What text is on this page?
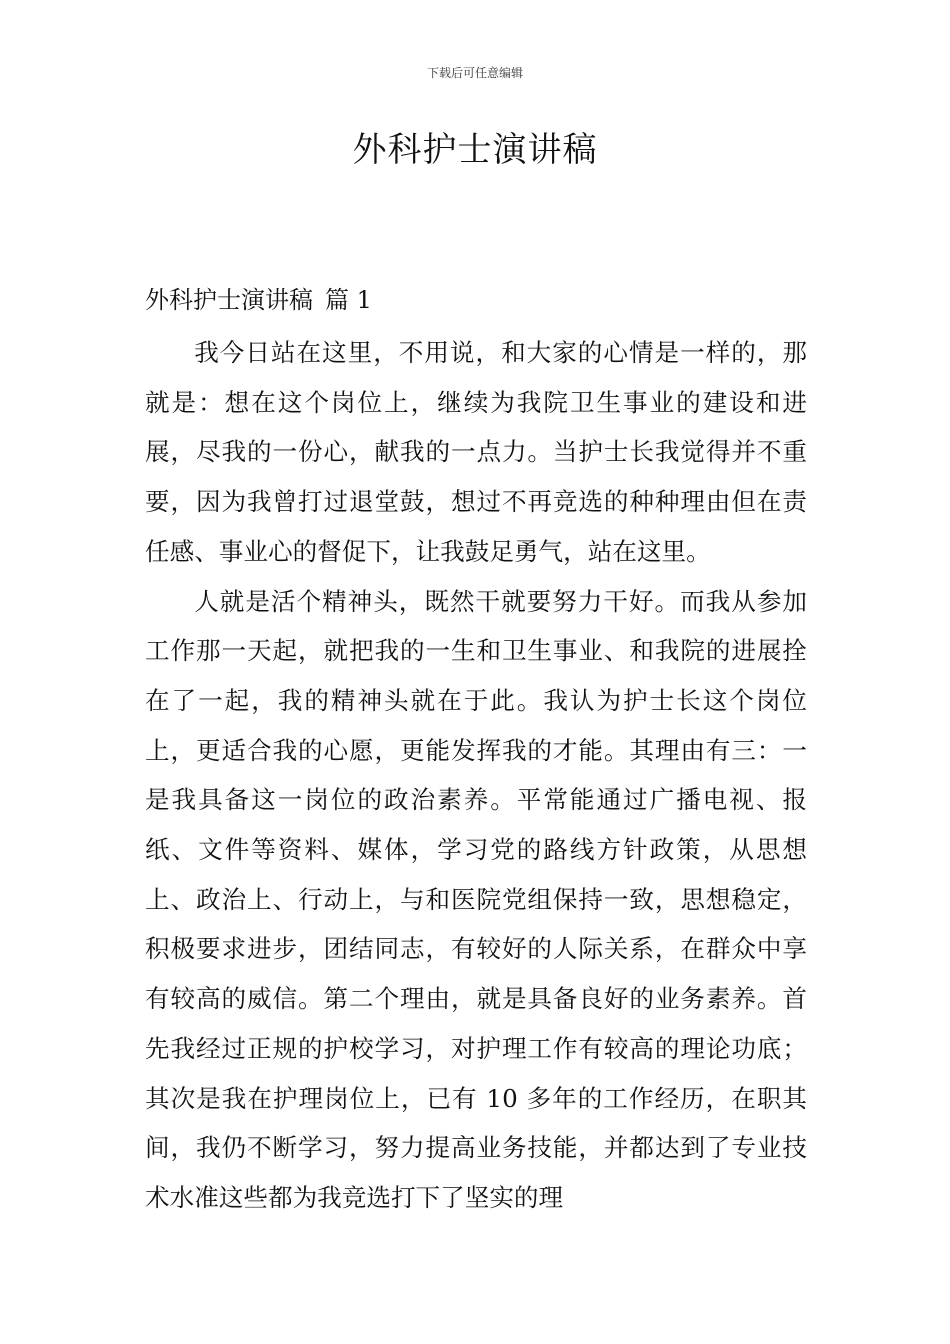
下载后可任意编辑
外科护士演讲稿
外科护士演讲稿 篇 1

我今日站在这里，不用说，和大家的心情是一样的，那就是：想在这个岗位上，继续为我院卫生事业的建设和进展，尽我的一份心，献我的一点力。当护士长我觉得并不重要，因为我曾打过退堂鼓，想过不再竞选的种种理由但在责任感、事业心的督促下，让我鼓足勇气，站在这里。

人就是活个精神头，既然干就要努力干好。而我从参加工作那一天起，就把我的一生和卫生事业、和我院的进展拴在了一起，我的精神头就在于此。我认为护士长这个岗位上，更适合我的心愿，更能发挥我的才能。其理由有三：一是我具备这一岗位的政治素养。平常能通过广播电视、报纸、文件等资料、媒体，学习党的路线方针政策，从思想上、政治上、行动上，与和医院党组保持一致，思想稳定，积极要求进步，团结同志，有较好的人际关系，在群众中享有较高的威信。第二个理由，就是具备良好的业务素养。首先我经过正规的护校学习，对护理工作有较高的理论功底；其次是我在护理岗位上，已有 10 多年的工作经历，在职其间，我仍不断学习，努力提高业务技能，并都达到了专业技术水准这些都为我竞选打下了坚实的理
